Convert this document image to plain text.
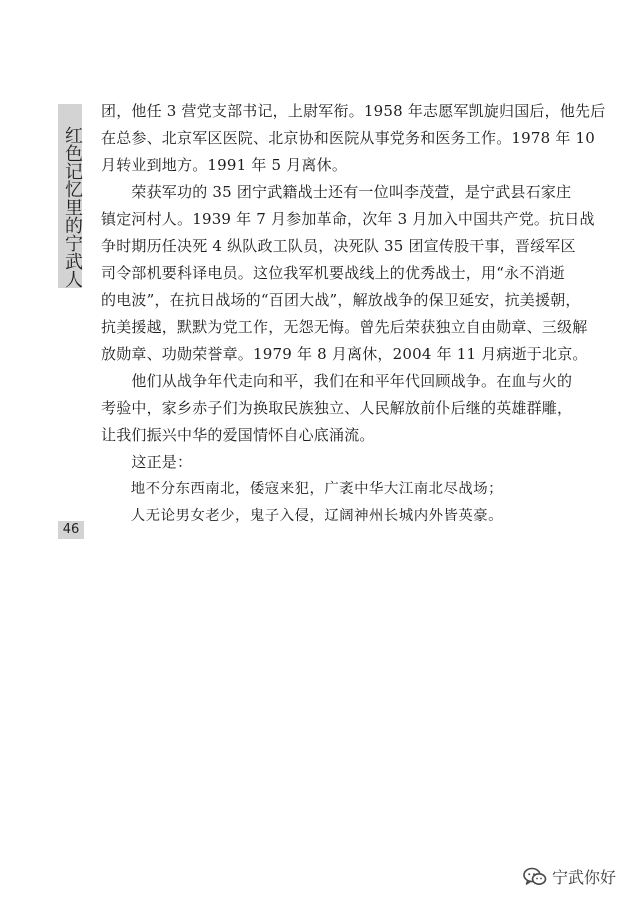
红色记忆里的宁武人
团，他任 3 营党支部书记，上尉军衔。1958 年志愿军凯旋归国后，他先后
在总参、北京军区医院、北京协和医院从事党务和医务工作。1978 年 10
月转业到地方。1991 年 5 月离休。
　　荣获军功的 35 团宁武籍战士还有一位叫李茂萱，是宁武县石家庄
镇定河村人。1939 年 7 月参加革命，次年 3 月加入中国共产党。抗日战
争时期历任决死 4 纵队政工队员，决死队 35 团宣传股干事，晋绥军区
司令部机要科译电员。这位我军机要战线上的优秀战士，用“永不消逝
的电波”，在抗日战场的“百团大战”，解放战争的保卫延安，抗美援朝，
抗美援越，默默为党工作，无怨无悔。曾先后荣获独立自由勋章、三级解
放勋章、功勋荣誉章。1979 年 8 月离休，2004 年 11 月病逝于北京。
　　他们从战争年代走向和平，我们在和平年代回顾战争。在血与火的
考验中，家乡赤子们为换取民族独立、人民解放前仆后继的英雄群雕，
让我们振兴中华的爱国情怀自心底涌流。
　　这正是：
　　地不分东西南北，倭寇来犯，广袤中华大江南北尽战场；
　　人无论男女老少，鬼子入侵，辽阔神州长城内外皆英豪。
46
宁武你好
